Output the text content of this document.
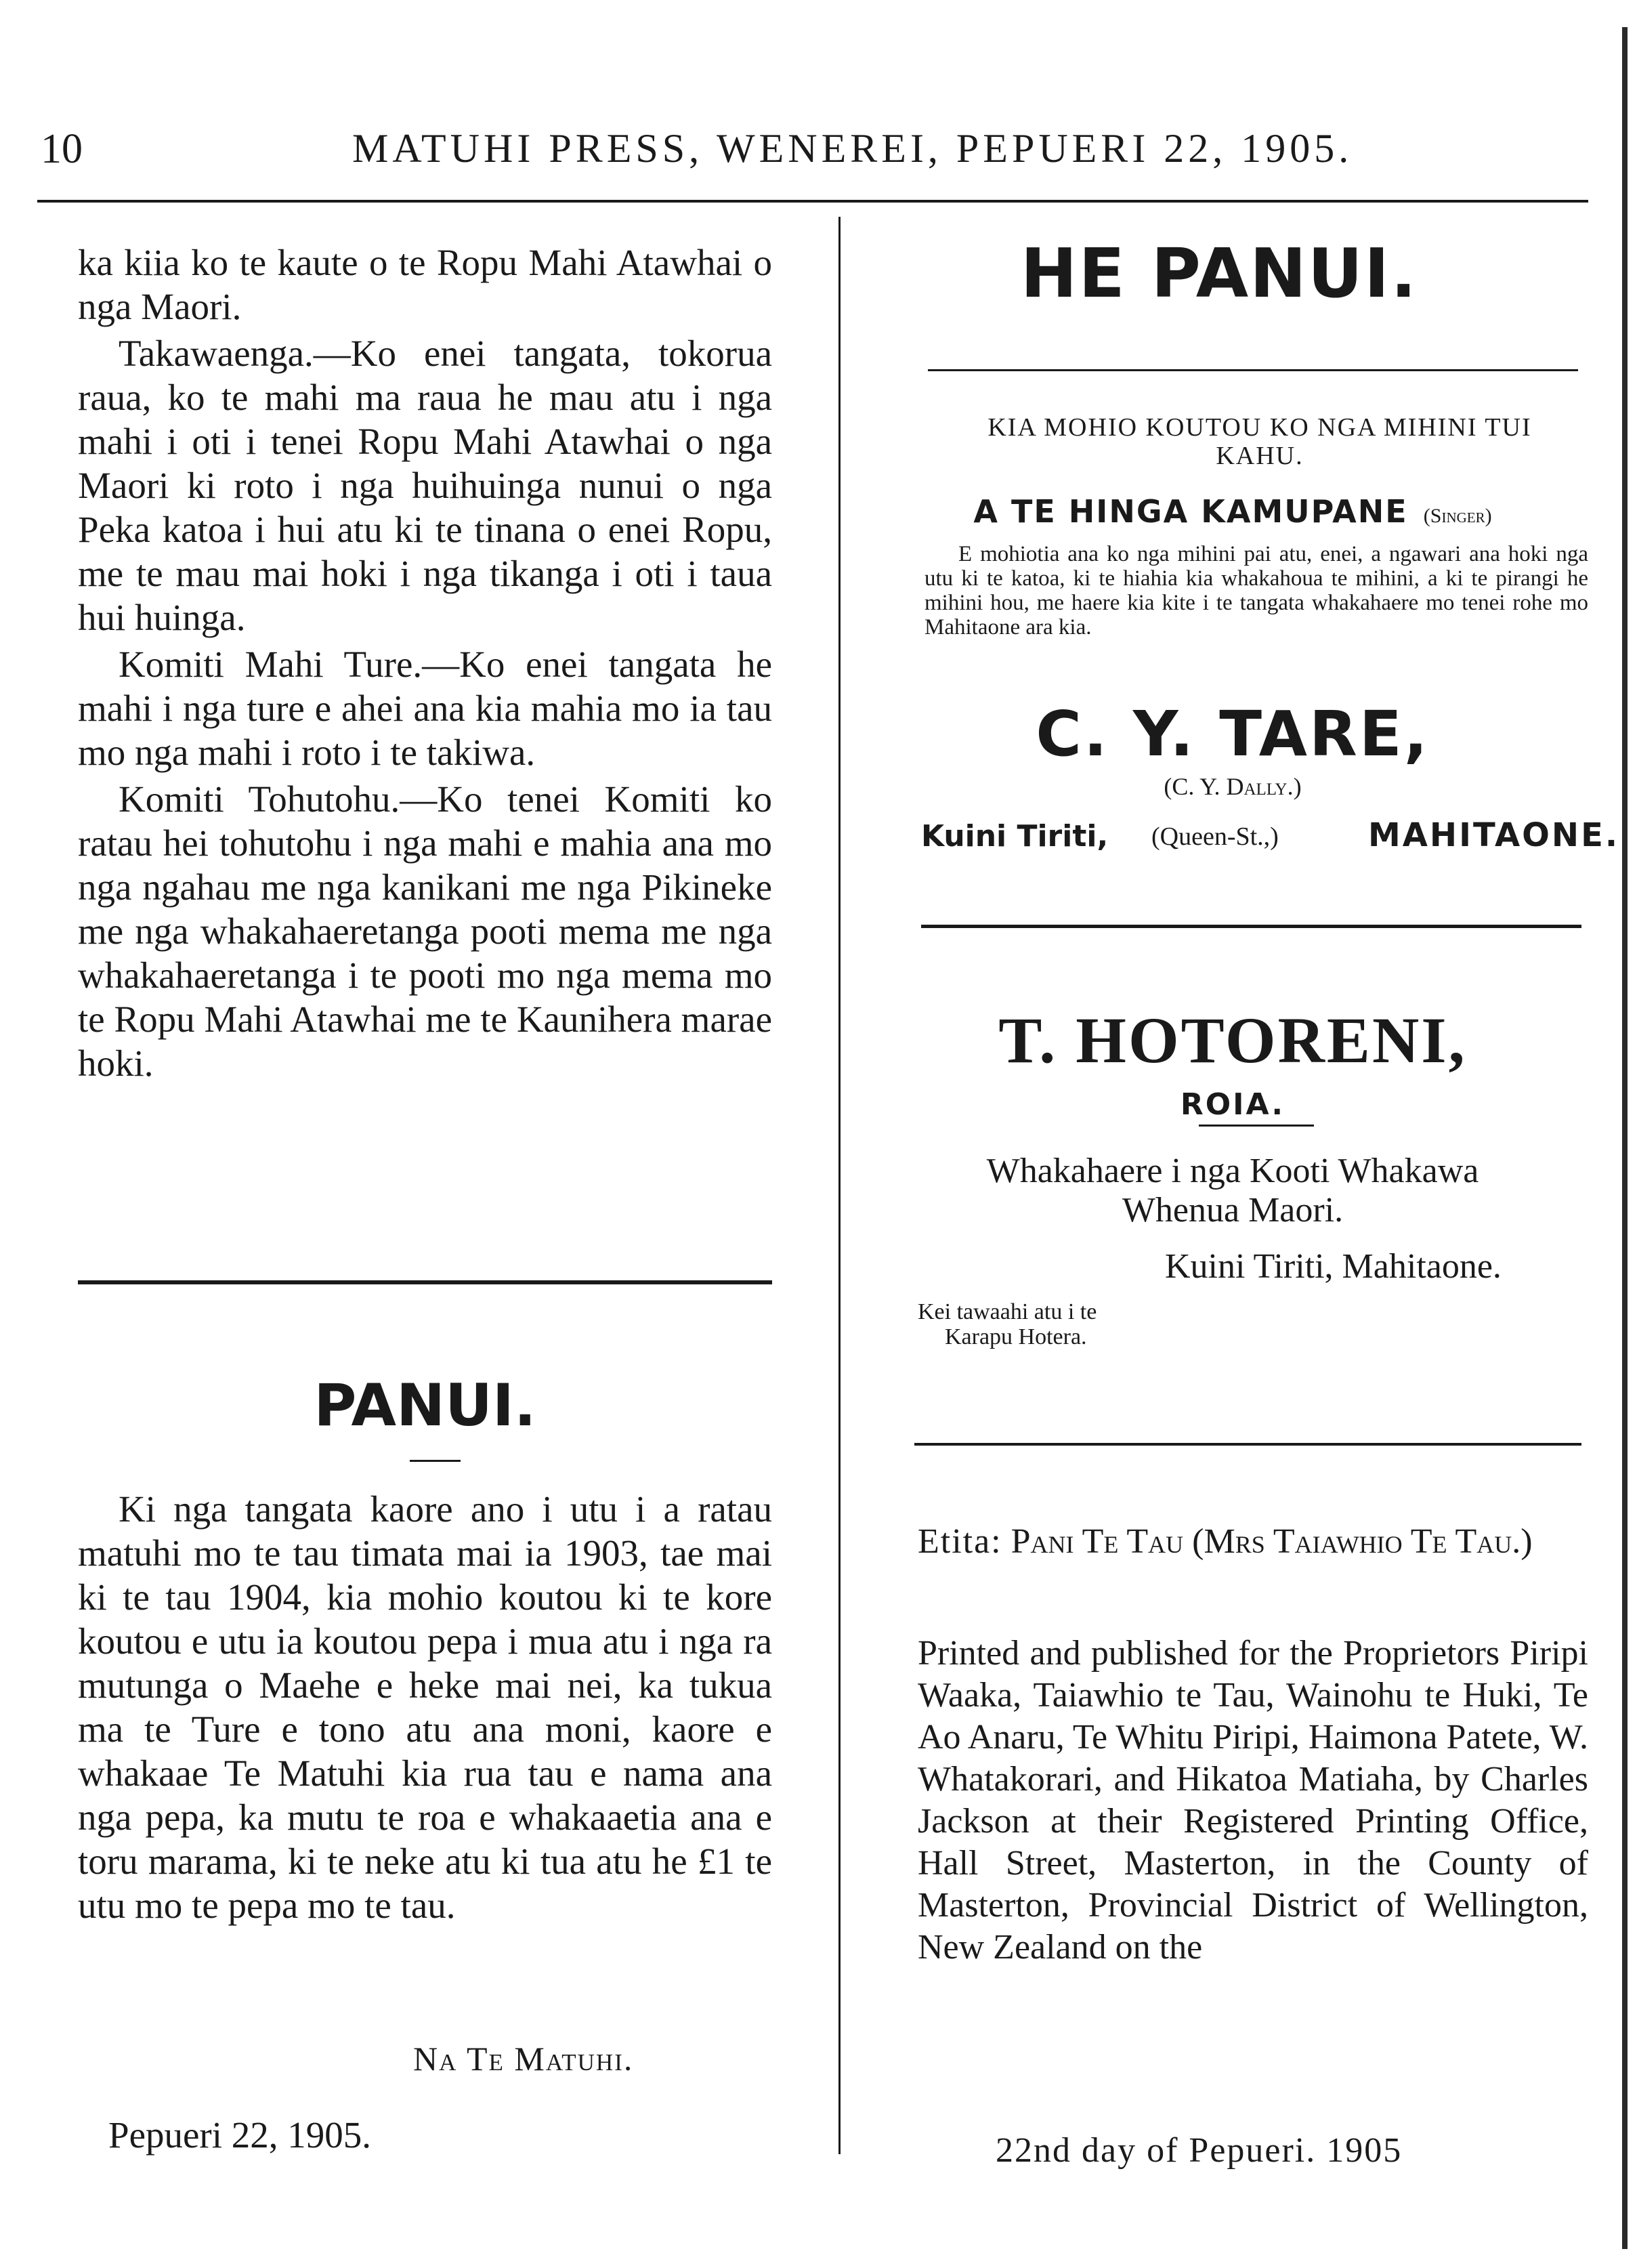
10	MATUHI PRESS, WENEREI, PEPUERI 22, 1905.

ka kiia ko te kaute o te Ropu Mahi Atawhai o nga Maori.

Takawaenga.—Ko enei tangata, tokorua raua, ko te mahi ma raua he mau atu i nga mahi i oti i tenei Ropu Mahi Atawhai o nga Maori ki roto i nga huihuinga nunui o nga Peka katoa i hui atu ki te tinana o enei Ropu, me te mau mai hoki i nga tikanga i oti i taua hui huinga.

Komiti Mahi Ture.—Ko enei tangata he mahi i nga ture e ahei ana kia mahia mo ia tau mo nga mahi i roto i te takiwa.

Komiti Tohutohu.—Ko tenei Komiti ko ratau hei tohutohu i nga mahi e mahia ana mo nga ngahau me nga kanikani me nga Pikineke me nga whakahaeretanga pooti mema me nga whakahaeretanga i te pooti mo nga mema mo te Ropu Mahi Atawhai me te Kaunihera marae hoki.

PANUI.
Ki nga tangata kaore ano i utu i a ratau matuhi mo te tau timata mai ia 1903, tae mai ki te tau 1904, kia mohio koutou ki te kore koutou e utu ia koutou pepa i mua atu i nga ra mutunga o Maehe e heke mai nei, ka tukua ma te Ture e tono atu ana moni, kaore e whakaae Te Matuhi kia rua tau e nama ana nga pepa, ka mutu te roa e whakaaetia ana e toru marama, ki te neke atu ki tua atu he £1 te utu mo te pepa mo te tau.
Na Te Matuhi.
Pepueri 22, 1905.
HE PANUI.
KIA MOHIO KOUTOU KO NGA MIHINI TUI KAHU.
A TE HINGA KAMUPANE (Singer)
E mohiotia ana ko nga mihini pai atu, enei, a ngawari ana hoki nga utu ki te katoa, ki te hiahia kia whakahoua te mihini, a ki te pirangi he mihini hou, me haere kia kite i te tangata whakahaere mo tenei rohe mo Mahitaone ara kia.
C. Y. TARE,
(C. Y. Dally.)
Kuini Tiriti, (Queen-St.,)	MAHITAONE.
T. HOTORENI,
ROIA.
Whakahaere i nga Kooti Whakawa Whenua Maori.
Kuini Tiriti, Mahitaone.
Kei tawaahi atu i te
Karapu Hotera.
Etita: Pani Te Tau (Mrs Taiawhio Te Tau.)
Printed and published for the Proprietors Piripi Waaka, Taiawhio te Tau, Wainohu te Huki, Te Ao Anaru, Te Whitu Piripi, Haimona Patete, W. Whatakorari, and Hikatoa Matiaha, by Charles Jackson at their Registered Printing Office, Hall Street, Masterton, in the County of Masterton, Provincial District of Wellington, New Zealand on the
22nd day of Pepueri. 1905
